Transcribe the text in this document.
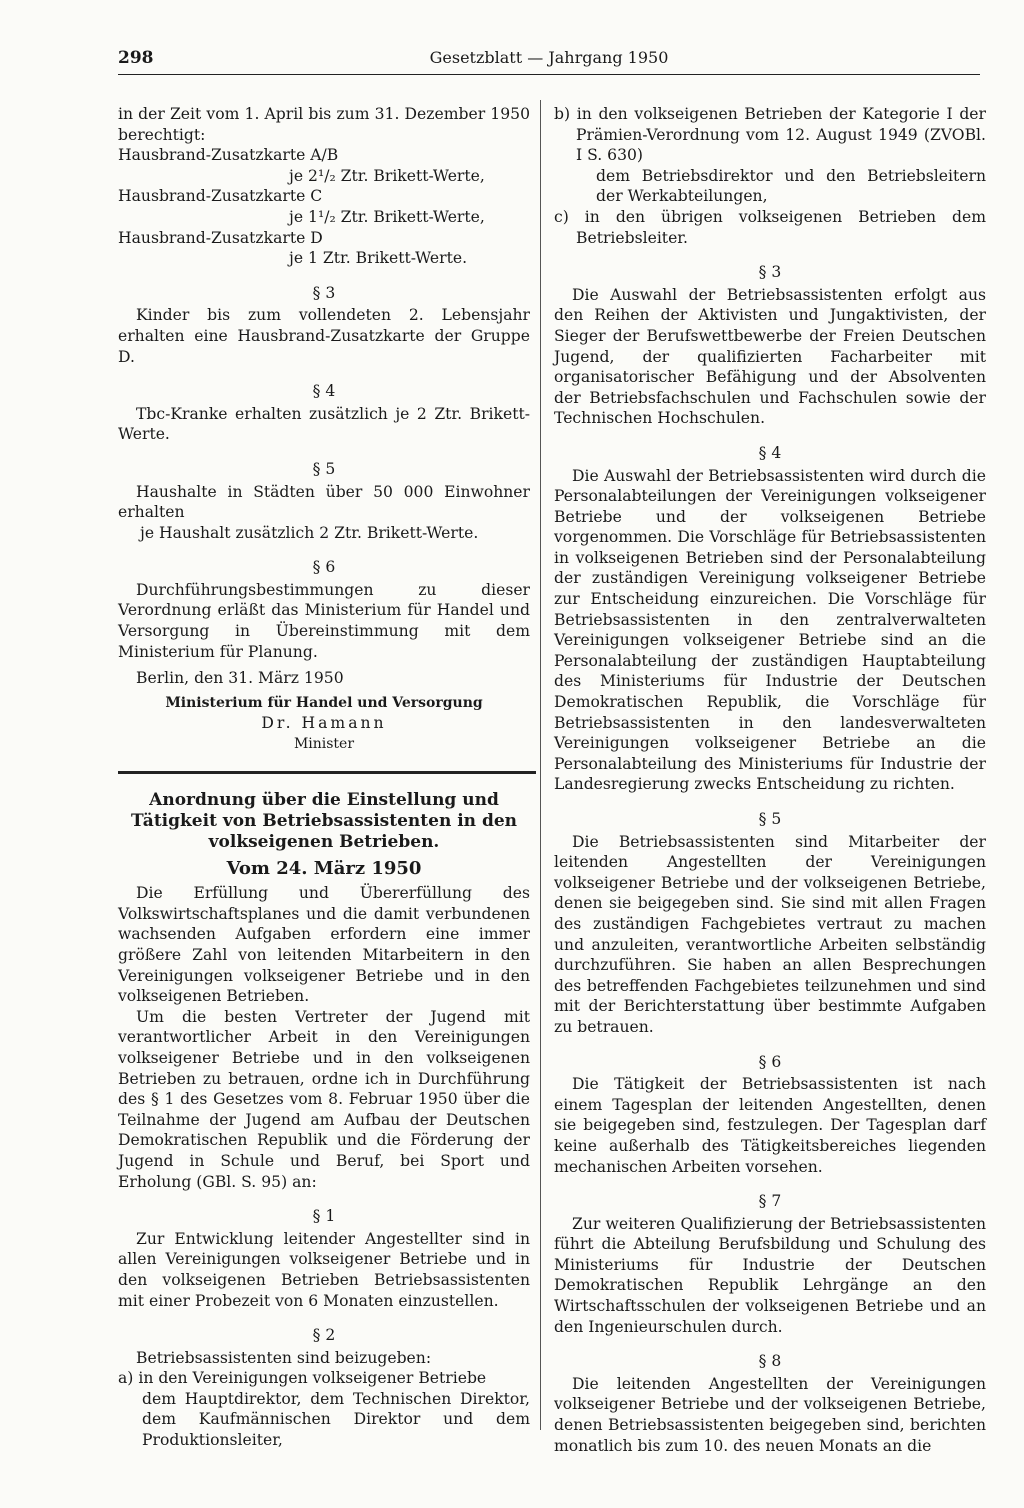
298	Gesetzblatt — Jahrgang 1950

in der Zeit vom 1. April bis zum 31. Dezember 1950 berechtigt:

Hausbrand-Zusatzkarte A/B

je 2¹/₂ Ztr. Brikett-Werte,

Hausbrand-Zusatzkarte C

je 1¹/₂ Ztr. Brikett-Werte,

Hausbrand-Zusatzkarte D

je 1 Ztr. Brikett-Werte.

§ 3

Kinder bis zum vollendeten 2. Lebensjahr erhalten eine Hausbrand-Zusatzkarte der Gruppe D.

§ 4

Tbc-Kranke erhalten zusätzlich je 2 Ztr. Brikett-Werte.

§ 5

Haushalte in Städten über 50 000 Einwohner erhalten

je Haushalt zusätzlich 2 Ztr. Brikett-Werte.

§ 6

Durchführungsbestimmungen zu dieser Verordnung erläßt das Ministerium für Handel und Versorgung in Übereinstimmung mit dem Ministerium für Planung.

Berlin, den 31. März 1950

Ministerium für Handel und Versorgung
Dr. Hamann
Minister
Anordnung über die Einstellung und Tätigkeit von Betriebsassistenten in den volkseigenen Betrieben.
Vom 24. März 1950

Die Erfüllung und Übererfüllung des Volkswirtschaftsplanes und die damit verbundenen wachsenden Aufgaben erfordern eine immer größere Zahl von leitenden Mitarbeitern in den Vereinigungen volkseigener Betriebe und in den volkseigenen Betrieben.

Um die besten Vertreter der Jugend mit verantwortlicher Arbeit in den Vereinigungen volkseigener Betriebe und in den volkseigenen Betrieben zu betrauen, ordne ich in Durchführung des § 1 des Gesetzes vom 8. Februar 1950 über die Teilnahme der Jugend am Aufbau der Deutschen Demokratischen Republik und die Förderung der Jugend in Schule und Beruf, bei Sport und Erholung (GBl. S. 95) an:

§ 1

Zur Entwicklung leitender Angestellter sind in allen Vereinigungen volkseigener Betriebe und in den volkseigenen Betrieben Betriebsassistenten mit einer Probezeit von 6 Monaten einzustellen.

§ 2

Betriebsassistenten sind beizugeben:

a) in den Vereinigungen volkseigener Betriebe

dem Hauptdirektor, dem Technischen Direktor, dem Kaufmännischen Direktor und dem Produktionsleiter,

b) in den volkseigenen Betrieben der Kategorie I der Prämien-Verordnung vom 12. August 1949 (ZVOBl. I S. 630)

dem Betriebsdirektor und den Betriebsleitern der Werkabteilungen,

c) in den übrigen volkseigenen Betrieben dem Betriebsleiter.

§ 3

Die Auswahl der Betriebsassistenten erfolgt aus den Reihen der Aktivisten und Jungaktivisten, der Sieger der Berufswettbewerbe der Freien Deutschen Jugend, der qualifizierten Facharbeiter mit organisatorischer Befähigung und der Absolventen der Betriebsfachschulen und Fachschulen sowie der Technischen Hochschulen.

§ 4

Die Auswahl der Betriebsassistenten wird durch die Personalabteilungen der Vereinigungen volkseigener Betriebe und der volkseigenen Betriebe vorgenommen. Die Vorschläge für Betriebsassistenten in volkseigenen Betrieben sind der Personalabteilung der zuständigen Vereinigung volkseigener Betriebe zur Entscheidung einzureichen. Die Vorschläge für Betriebsassistenten in den zentralverwalteten Vereinigungen volkseigener Betriebe sind an die Personalabteilung der zuständigen Hauptabteilung des Ministeriums für Industrie der Deutschen Demokratischen Republik, die Vorschläge für Betriebsassistenten in den landesverwalteten Vereinigungen volkseigener Betriebe an die Personalabteilung des Ministeriums für Industrie der Landesregierung zwecks Entscheidung zu richten.

§ 5

Die Betriebsassistenten sind Mitarbeiter der leitenden Angestellten der Vereinigungen volkseigener Betriebe und der volkseigenen Betriebe, denen sie beigegeben sind. Sie sind mit allen Fragen des zuständigen Fachgebietes vertraut zu machen und anzuleiten, verantwortliche Arbeiten selbständig durchzuführen. Sie haben an allen Besprechungen des betreffenden Fachgebietes teilzunehmen und sind mit der Berichterstattung über bestimmte Aufgaben zu betrauen.

§ 6

Die Tätigkeit der Betriebsassistenten ist nach einem Tagesplan der leitenden Angestellten, denen sie beigegeben sind, festzulegen. Der Tagesplan darf keine außerhalb des Tätigkeitsbereiches liegenden mechanischen Arbeiten vorsehen.

§ 7

Zur weiteren Qualifizierung der Betriebsassistenten führt die Abteilung Berufsbildung und Schulung des Ministeriums für Industrie der Deutschen Demokratischen Republik Lehrgänge an den Wirtschaftsschulen der volkseigenen Betriebe und an den Ingenieurschulen durch.

§ 8

Die leitenden Angestellten der Vereinigungen volkseigener Betriebe und der volkseigenen Betriebe, denen Betriebsassistenten beigegeben sind, berichten monatlich bis zum 10. des neuen Monats an die
